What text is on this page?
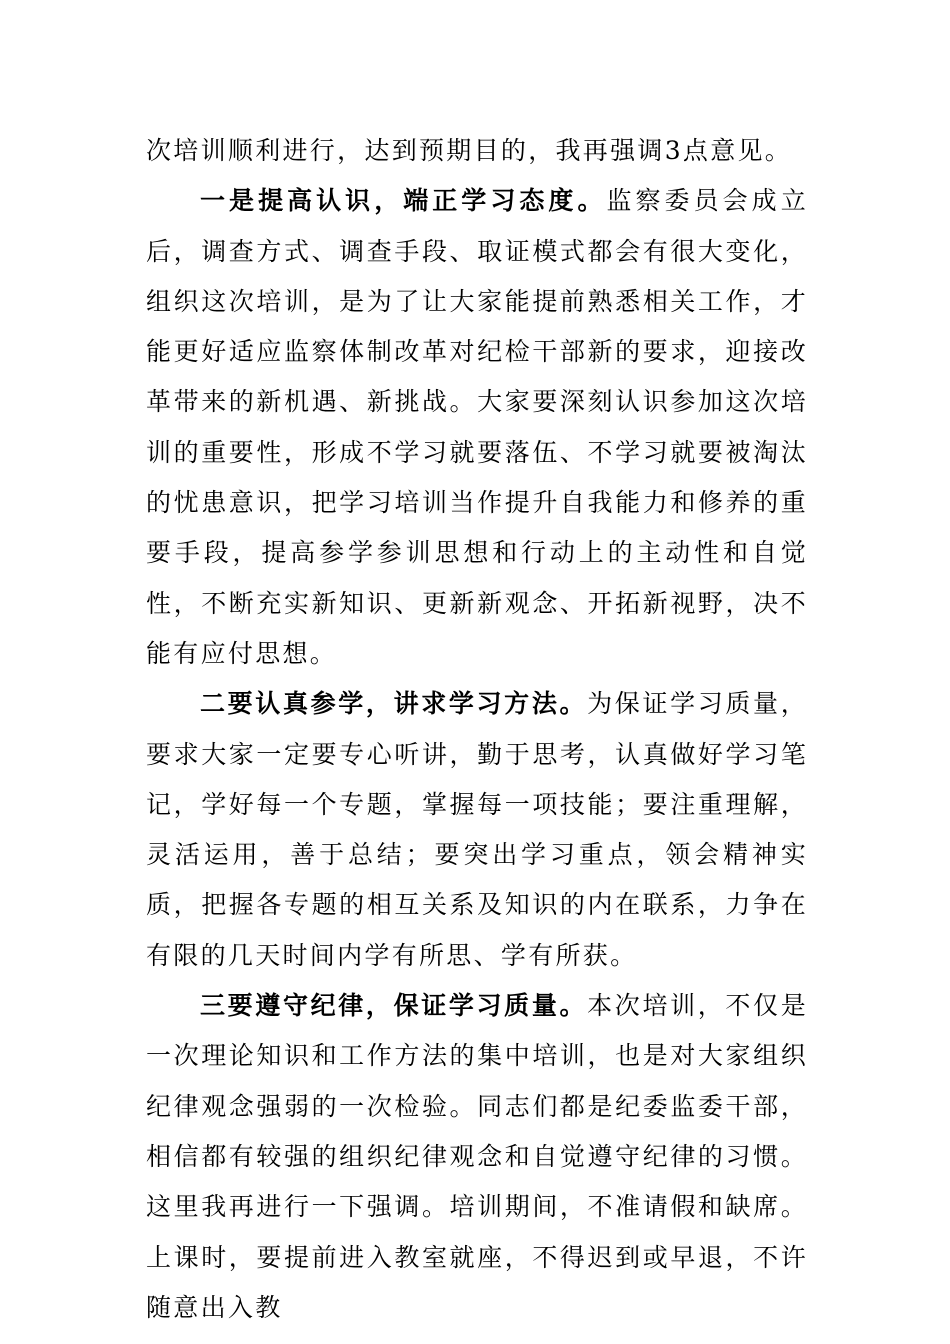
次培训顺利进行，达到预期目的，我再强调3点意见。

一是提高认识，端正学习态度。监察委员会成立后，调查方式、调查手段、取证模式都会有很大变化，组织这次培训，是为了让大家能提前熟悉相关工作，才能更好适应监察体制改革对纪检干部新的要求，迎接改革带来的新机遇、新挑战。大家要深刻认识参加这次培训的重要性，形成不学习就要落伍、不学习就要被淘汰的忧患意识，把学习培训当作提升自我能力和修养的重要手段，提高参学参训思想和行动上的主动性和自觉性，不断充实新知识、更新新观念、开拓新视野，决不能有应付思想。

二要认真参学，讲求学习方法。为保证学习质量，要求大家一定要专心听讲，勤于思考，认真做好学习笔记，学好每一个专题，掌握每一项技能；要注重理解，灵活运用，善于总结；要突出学习重点，领会精神实质，把握各专题的相互关系及知识的内在联系，力争在有限的几天时间内学有所思、学有所获。

三要遵守纪律，保证学习质量。本次培训，不仅是一次理论知识和工作方法的集中培训，也是对大家组织纪律观念强弱的一次检验。同志们都是纪委监委干部，相信都有较强的组织纪律观念和自觉遵守纪律的习惯。这里我再进行一下强调。培训期间，不准请假和缺席。上课时，要提前进入教室就座，不得迟到或早退，不许随意出入教
